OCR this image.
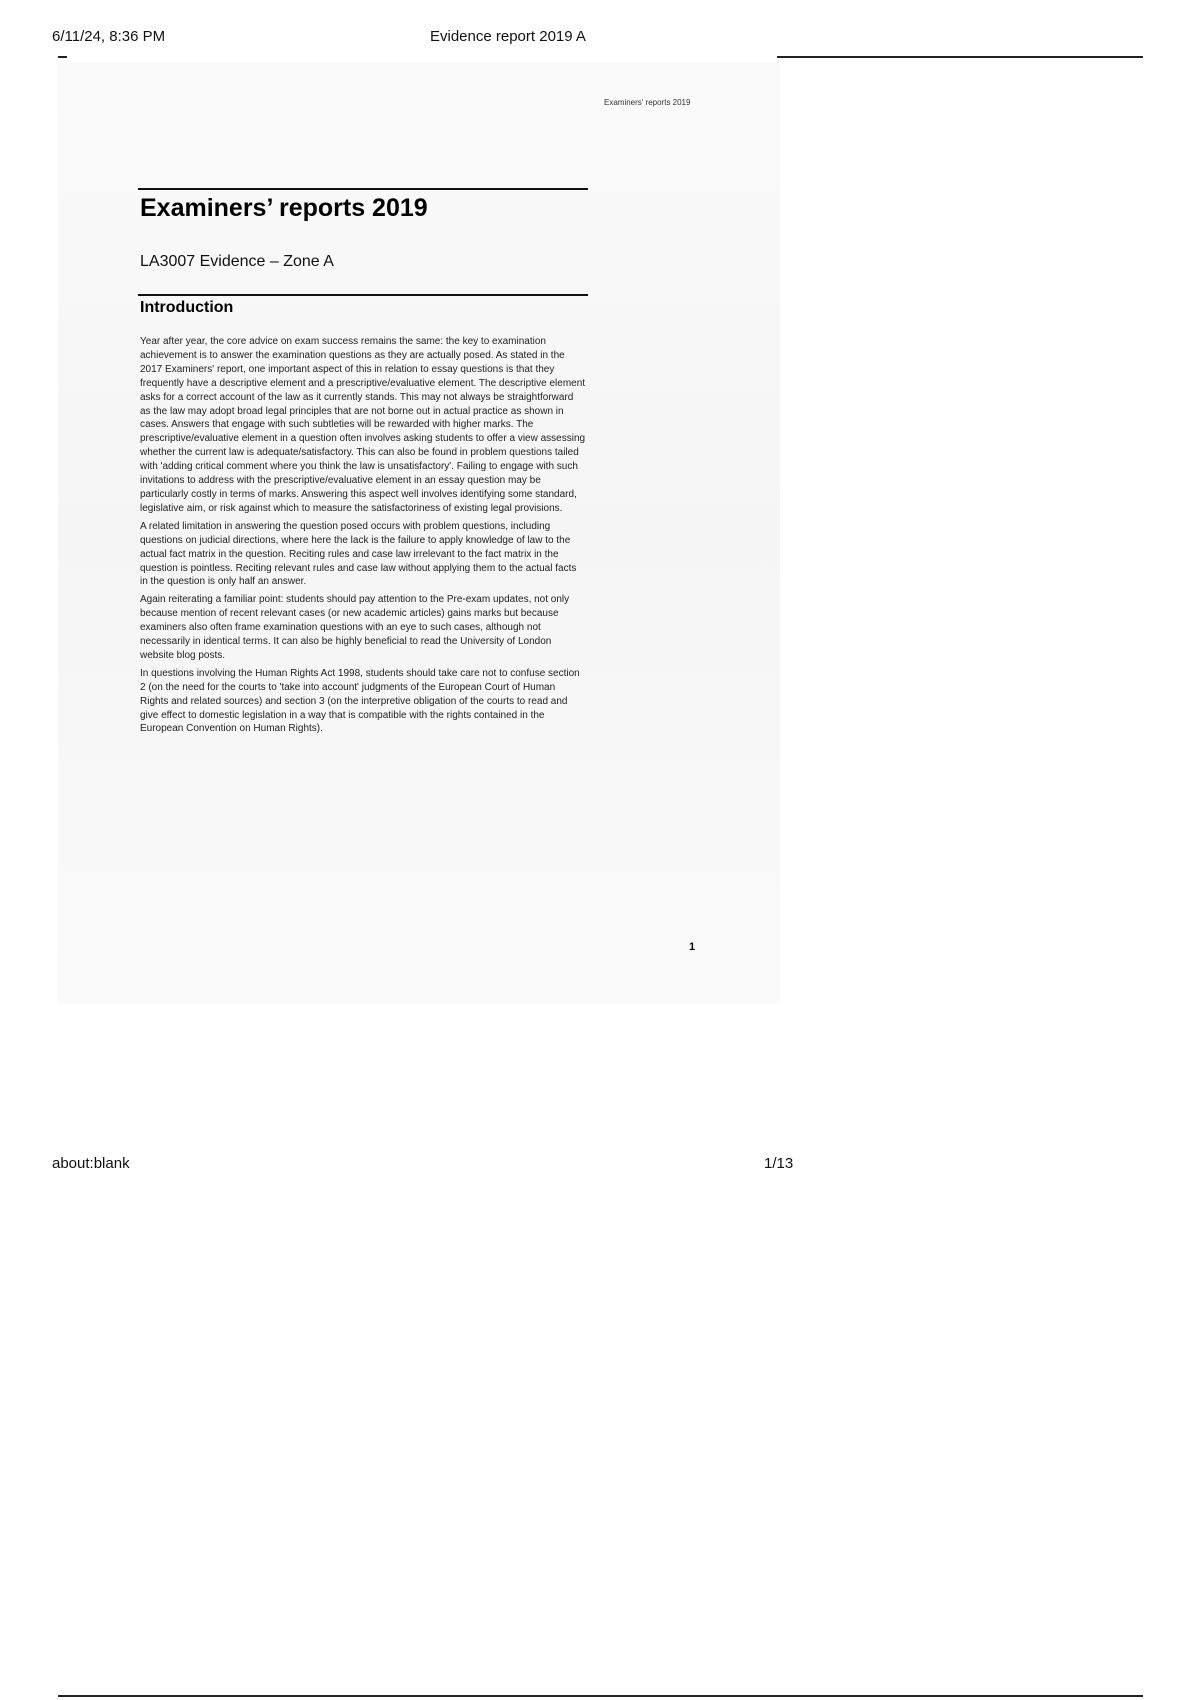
6/11/24, 8:36 PM	Evidence report 2019 A
Examiners' reports 2019
Examiners’ reports 2019
LA3007 Evidence – Zone A
Introduction

Year after year, the core advice on exam success remains the same: the key to examination achievement is to answer the examination questions as they are actually posed. As stated in the 2017 Examiners' report, one important aspect of this in relation to essay questions is that they frequently have a descriptive element and a prescriptive/evaluative element. The descriptive element asks for a correct account of the law as it currently stands. This may not always be straightforward as the law may adopt broad legal principles that are not borne out in actual practice as shown in cases. Answers that engage with such subtleties will be rewarded with higher marks. The prescriptive/evaluative element in a question often involves asking students to offer a view assessing whether the current law is adequate/satisfactory. This can also be found in problem questions tailed with 'adding critical comment where you think the law is unsatisfactory'. Failing to engage with such invitations to address with the prescriptive/evaluative element in an essay question may be particularly costly in terms of marks. Answering this aspect well involves identifying some standard, legislative aim, or risk against which to measure the satisfactoriness of existing legal provisions.

A related limitation in answering the question posed occurs with problem questions, including questions on judicial directions, where here the lack is the failure to apply knowledge of law to the actual fact matrix in the question. Reciting rules and case law irrelevant to the fact matrix in the question is pointless. Reciting relevant rules and case law without applying them to the actual facts in the question is only half an answer.

Again reiterating a familiar point: students should pay attention to the Pre-exam updates, not only because mention of recent relevant cases (or new academic articles) gains marks but because examiners also often frame examination questions with an eye to such cases, although not necessarily in identical terms. It can also be highly beneficial to read the University of London website blog posts.

In questions involving the Human Rights Act 1998, students should take care not to confuse section 2 (on the need for the courts to 'take into account' judgments of the European Court of Human Rights and related sources) and section 3 (on the interpretive obligation of the courts to read and give effect to domestic legislation in a way that is compatible with the rights contained in the European Convention on Human Rights).

1
about:blank	1/13
